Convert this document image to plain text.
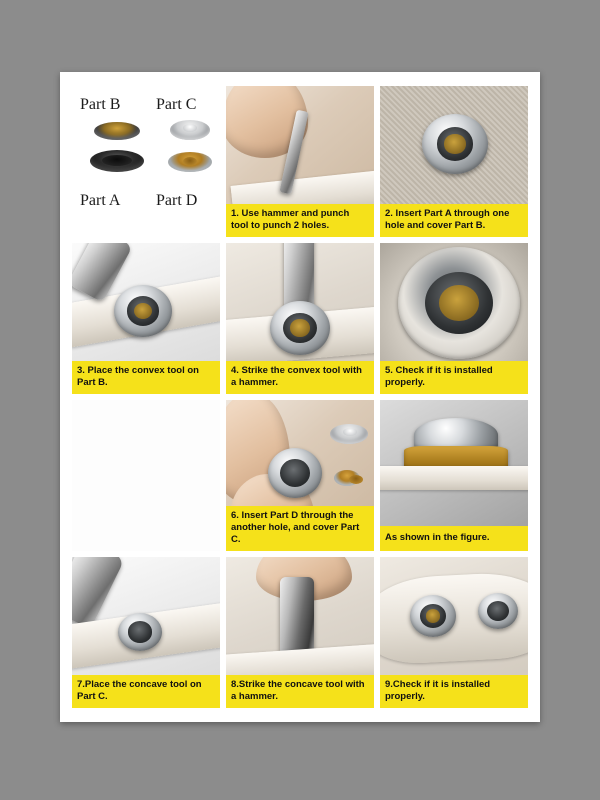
Part B Part C
Part A Part D
1. Use hammer and punch tool to punch 2 holes.
2. Insert Part A through one hole and cover Part B.
3. Place the convex tool on Part B.
4. Strike the convex tool with a hammer.
5. Check if it is installed properly.
6. Insert Part D through the another hole, and cover Part C.	As shown in the figure.
7.Place the concave tool on Part C.
8.Strike the concave tool with a hammer.
9.Check if it is installed properly.
